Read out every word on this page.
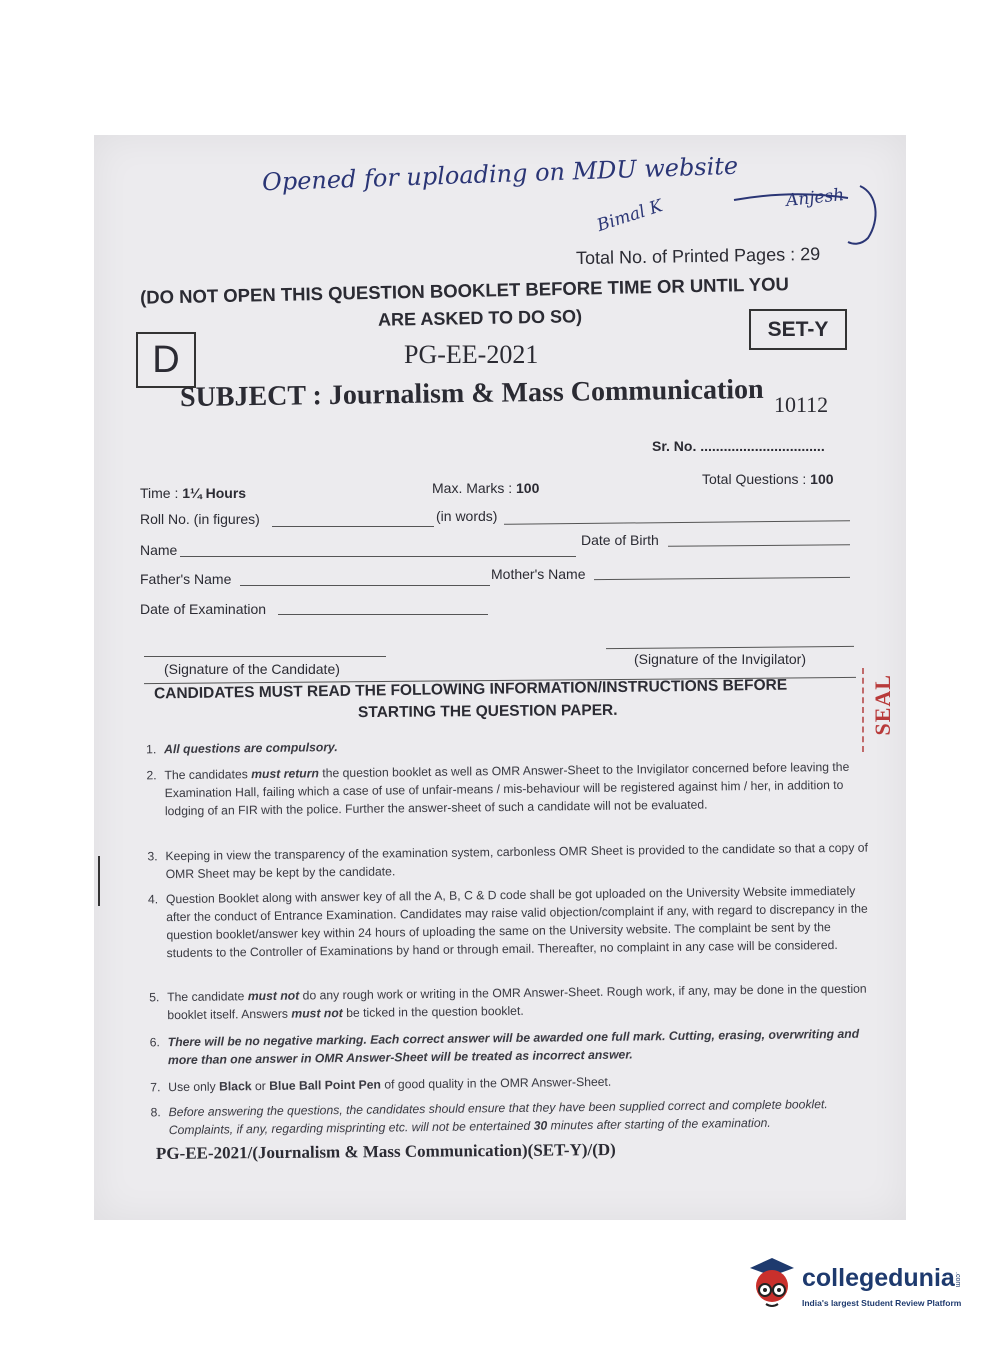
Opened for uploading on MDU website
Bimal K	Anjesh
Total No. of Printed Pages : 29
(DO NOT OPEN THIS QUESTION BOOKLET BEFORE TIME OR UNTIL YOU
ARE ASKED TO DO SO)	SET-Y
D	PG-EE-2021
SUBJECT : Journalism & Mass Communication 10112
Sr. No. ................................
Time : 1¼ Hours	Max. Marks : 100
Total Questions : 100
Roll No. (in figures)	(in words)
Name
Date of Birth
Father's Name	Mother's Name
Date of Examination
(Signature of the Candidate)
(Signature of the Invigilator)
CANDIDATES MUST READ THE FOLLOWING INFORMATION/INSTRUCTIONS BEFORE
STARTING THE QUESTION PAPER.
1. All questions are compulsory.
2. The candidates must return the question booklet as well as OMR Answer-Sheet to the Invigilator concerned before leaving the Examination Hall, failing which a case of use of unfair-means / mis-behaviour will be registered against him / her, in addition to lodging of an FIR with the police. Further the answer-sheet of such a candidate will not be evaluated.
3. Keeping in view the transparency of the examination system, carbonless OMR Sheet is provided to the candidate so that a copy of OMR Sheet may be kept by the candidate.
4. Question Booklet along with answer key of all the A, B, C & D code shall be got uploaded on the University Website immediately after the conduct of Entrance Examination. Candidates may raise valid objection/complaint if any, with regard to discrepancy in the question booklet/answer key within 24 hours of uploading the same on the University website. The complaint be sent by the students to the Controller of Examinations by hand or through email. Thereafter, no complaint in any case will be considered.
5. The candidate must not do any rough work or writing in the OMR Answer-Sheet. Rough work, if any, may be done in the question booklet itself. Answers must not be ticked in the question booklet.
6. There will be no negative marking. Each correct answer will be awarded one full mark. Cutting, erasing, overwriting and more than one answer in OMR Answer-Sheet will be treated as incorrect answer.
7. Use only Black or Blue Ball Point Pen of good quality in the OMR Answer-Sheet.
8. Before answering the questions, the candidates should ensure that they have been supplied correct and complete booklet. Complaints, if any, regarding misprinting etc. will not be entertained 30 minutes after starting of the examination.
PG-EE-2021/(Journalism & Mass Communication)(SET-Y)/(D)
SEAL
collegedunia .com
India's largest Student Review Platform
